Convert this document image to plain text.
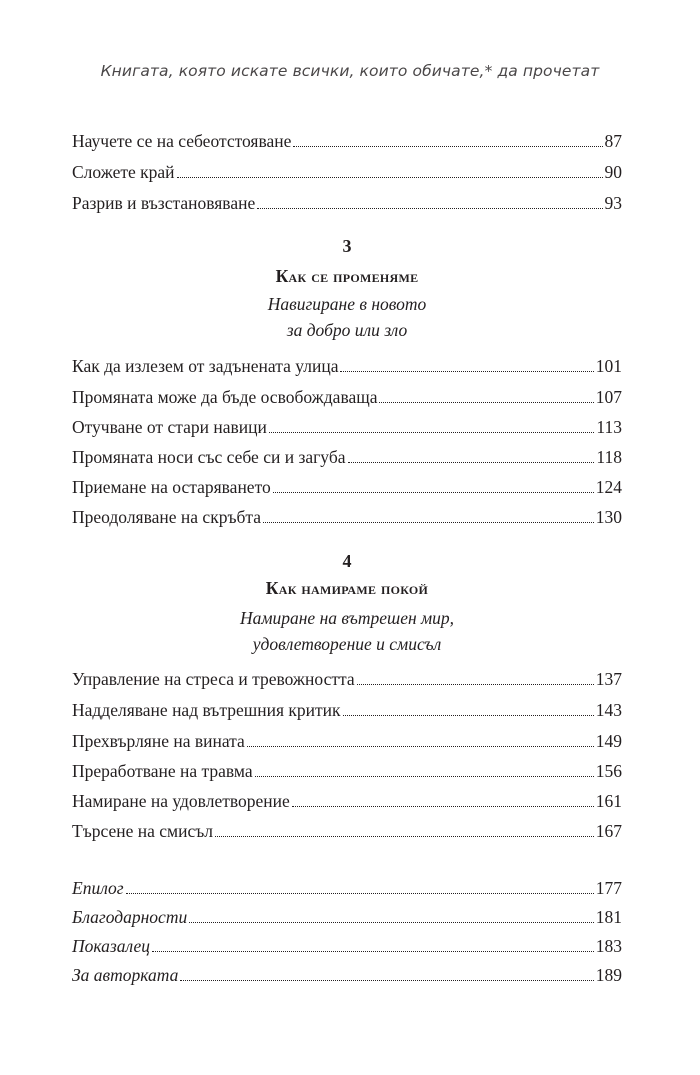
Книгата, която искате всички, които обичате,* да прочетат
Научете се на себеотстояване	87
Сложете край	90
Разрив и възстановяване	93
3
Как се променяме
Навигиране в новото
за добро или зло
Как да излезем от задънената улица	101
Промяната може да бъде освобождаваща	107
Отучване от стари навици	113
Промяната носи със себе си и загуба	118
Приемане на остаряването	124
Преодоляване на скръбта	130
4
Как намираме покой
Намиране на вътрешен мир,
удовлетворение и смисъл
Управление на стреса и тревожността	137
Надделяване над вътрешния критик	143
Прехвърляне на вината	149
Преработване на травма	156
Намиране на удовлетворение	161
Търсене на смисъл	167
Епилог	177
Благодарности	181
Показалец	183
За авторката	189
